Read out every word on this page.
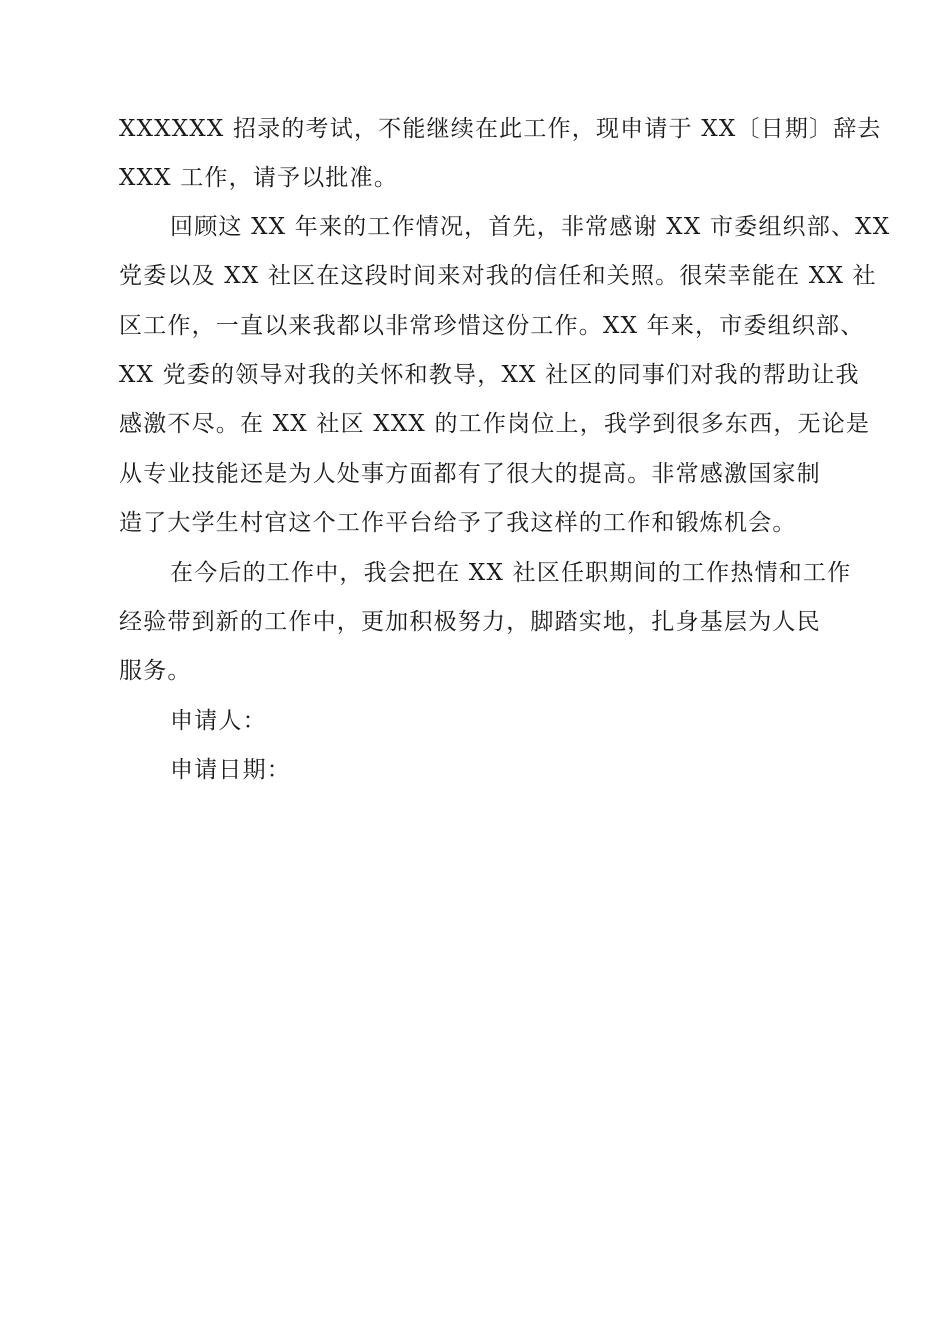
XXXXXX 招录的考试，不能继续在此工作，现申请于 XX〔日期〕辞去
XXX 工作，请予以批准。
回顾这 XX 年来的工作情况，首先，非常感谢 XX 市委组织部、XX
党委以及 XX 社区在这段时间来对我的信任和关照。很荣幸能在 XX 社
区工作，一直以来我都以非常珍惜这份工作。XX 年来，市委组织部、
XX 党委的领导对我的关怀和教导，XX 社区的同事们对我的帮助让我
感激不尽。在 XX 社区 XXX 的工作岗位上，我学到很多东西，无论是
从专业技能还是为人处事方面都有了很大的提高。非常感激国家制
造了大学生村官这个工作平台给予了我这样的工作和锻炼机会。
在今后的工作中，我会把在 XX 社区任职期间的工作热情和工作
经验带到新的工作中，更加积极努力，脚踏实地，扎身基层为人民
服务。
申请人：
申请日期：
